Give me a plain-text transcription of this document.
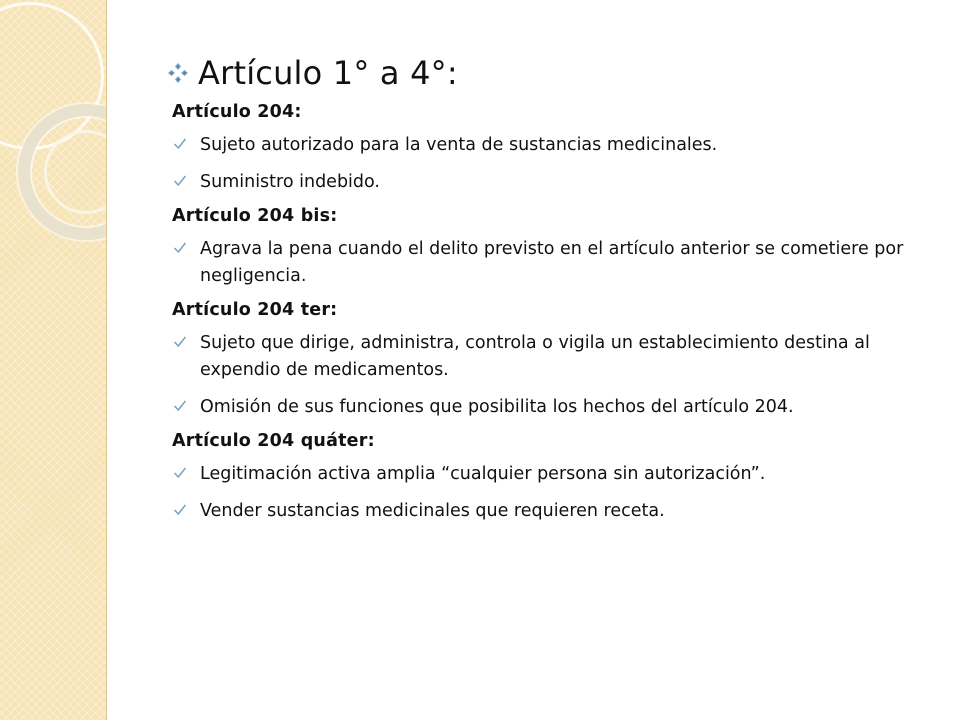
Artículo 1° a 4°:
Artículo 204:
Sujeto autorizado para la venta de sustancias medicinales.
Suministro indebido.
Artículo 204 bis:
Agrava la pena cuando el delito previsto en el artículo anterior se cometiere por negligencia.
Artículo 204 ter:
Sujeto que dirige, administra, controla o vigila un establecimiento destina al expendio de medicamentos.
Omisión de sus funciones que posibilita los hechos del artículo 204.
Artículo 204 quáter:
Legitimación activa amplia “cualquier persona sin autorización”.
Vender sustancias medicinales que requieren receta.
